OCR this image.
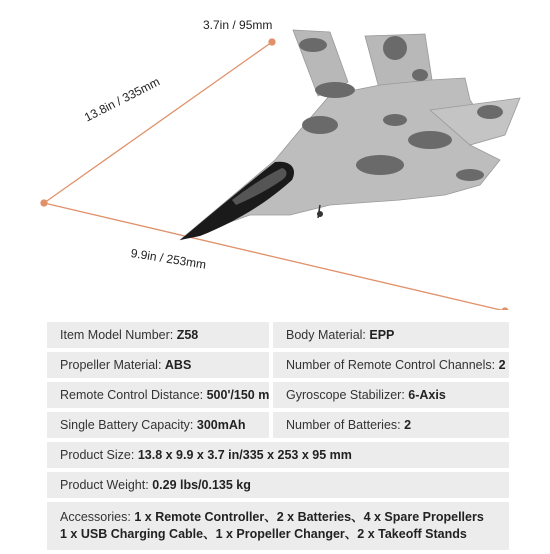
3.7in / 95mm
13.8in / 335mm
9.9in / 253mm
Item Model Number: Z58	Body Material: EPP
Propeller Material: ABS	Number of Remote Control Channels: 2
Remote Control Distance: 500'/150 m	Gyroscope Stabilizer: 6-Axis
Single Battery Capacity: 300mAh	Number of Batteries: 2
Product Size: 13.8 x 9.9 x 3.7 in/335 x 253 x 95 mm
Product Weight: 0.29 lbs/0.135 kg
Accessories: 1 x Remote Controller、2 x Batteries、4 x Spare Propellers
1 x USB Charging Cable、1 x Propeller Changer、2 x Takeoff Stands
